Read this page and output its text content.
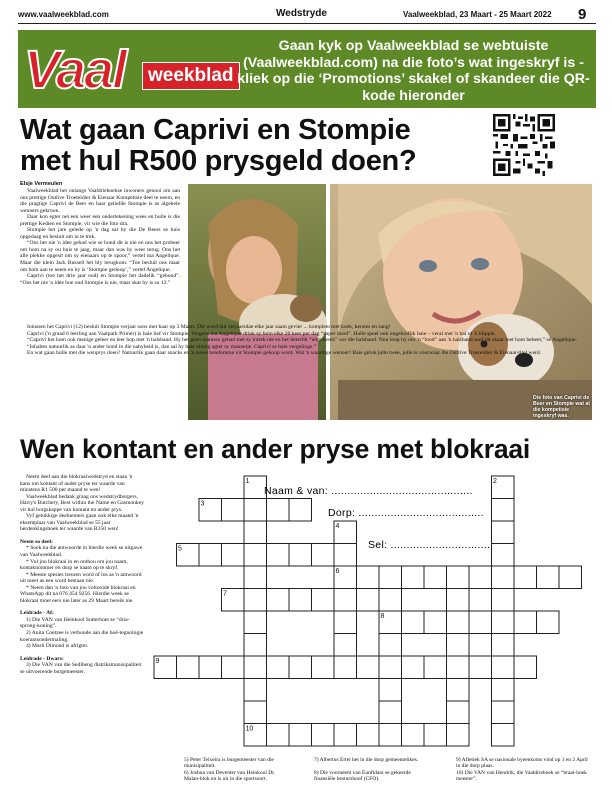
www.vaalweekblad.com	Wedstryde	Vaalweekblad, 23 Maart - 25 Maart 2022 9
Vaal	weekblad
Gaan kyk op Vaalweekblad se webtuiste (Vaalweekblad.com) na die foto’s wat ingeskryf is - kliek op die ‘Promotions’ skakel of skandeer die QR-kode hieronder
Wat gaan Caprivi en Stompie
met hul R500 prysgeld doen?
Elsje Vermeulen

Vaalweekblad het onlangs Vaaldriehoekse inwoners genooi om aan ons prettige Outlive Troeteldier & Eienaar Kompetisie deel te neem, en die pragtige Caprivi de Beer en haar geliefde Stompie is as algehele wenners gekroon.

Daar kon egter net een weer een ondertekening wees en hulle is die prettige Kedien en Stompie, vir wie die foto dra.

Stompie het jare gelede op 'n dag sal by die De Beers se huis opgedaag en besluit om in te trek.

“Ons het nie 'n idee gehad wie se hond dit is nie en ons het probeer om hom na sy ou huis te jaag, maar dan was hy weer terug. Ons het alle plekke opgesit om sy eienaars op te spoor,” vertel ma Angelique. Maar die klein Jack Russell het bly terugkom. “Toe besluit ons maar om hom aan te neem en hy is ‘Stompie gedoop’,” vertel Angelique.

Caprivi (toe het drie jaar oud) en Stompie het dadelik “gebond”. “Ons het nie 'n idee hoe oud Stompie is nie, maar skat hy is so 12.”

Die foto van Caprivi de Beer en Stompie wat al die kompetisie ingeskryf was.

Intussen het Caprivi (12) besluit Stompie verjaar soos met haar op 3 Maart. Die word hul verjaarsdae elke jaar saam gevier ... kompleet met koek, kersies en sang!

Caprivi ('n graad 6 leerling aan Vaalpark Primêr) is baie lief vir Stompie. Volgens ma Angelique drink sy hom elke 20 keer per dag “super dood”. Hulle speel ook ongelooflik baie – veral met 'n bal of 'n klippie.

“Caprivi het hom ook menige geleer en leer hop met 'n halsband. Hy het geen maniere gehad met sy intrek nie en het letterlik “uitgebreek” oor die halsband. Nou loop hy oor 'n “lood” aan 'n halsband asof dit skaar met hom beheer,” sê Angelique.

“Inhaltes natuurlik as daar 'n ander hond in die nabyheid is, dan sal hy baie vinnig agter sy mannetje. Caprivi se baie vergelings.”

En wat gaan hulle met die wenprys doen? Natuurlik gaan daar snacks en 'n nuwe bendomme vir Stompie gekoop word. Wat 'n waardige wenner! Baie geluk julle twee, julle is voorwaar die Outlive Troeteldier & Eienaar-titel werd.

Wen kontant en ander pryse met blokraai

Neem deel aan die blokraaiwedstryd en staan 'n kans om kontant of ander pryse ter waarde van minstens R1 500 per maand te wen!

Vaalweekblad bedank graag ons wedstrydborgers, Harry's Butchery, Best within the Name en Gasmonkey vir hul borgskappe van kontant en ander prys.

Vyf gelukkige deelnemers gaan ook elke maand 'n eksemplaar van Vaalweekblad se 55 jaar herdenkingsboek ter waarde van R350 wen!

Neem so deel:

* Soek na die antwoorde in hierdie week se uitgawe van Vaalweekblad.

* Vul jou blokraai in en onthou om jou naam, kontaknommer en dorp se naam op te skryf.

* Meeste spesies treuren word of los as 'n antwoord uit meet as een word bestaan nie.

* Neem dan 'n foto van jou voltooide blokraai en WhatsApp dit na 076 454 9256. Hierdie week se blokraai moet eers nie later as 29 Maart bereik nie.

Leidrade - Af:

1) Die VAN van Heinkool Sutterhoet se “dria-sprong-koning”.

2) Anita Coetzee is verbonde aan die hoë-tegnologie koerantsondermaling.

4) Marli Dimond is afrigter.

Leidrade - Dwars:

3) Die VAN van die Sedibeng distriksmunisipaliteit se uitvoerende burgemeester.

1	2
3
4
5
6
7
8
9
10
Naam & van: ............................................
Dorp: .......................................
Sel: ...............................
5) Peter Teixeira is burgemeester van die munisipaliteit.
6) Joshua van Deventer van Heinkool Dr. Malan-blok en is uit in die sportsoort.
7) Albertus Ertel het in die dorp gemeentelikes.
8) Die voorneem van Eunfidani se gekeerde finansiële besturshoof (CFO).
9) Afletiek SA se nasionale byeenkoms vind op 1 en 2 April in die dorp plaas.
10) Die VAN van Hendrik, die Vaaldriehoek se “braai-hoek meester”.
